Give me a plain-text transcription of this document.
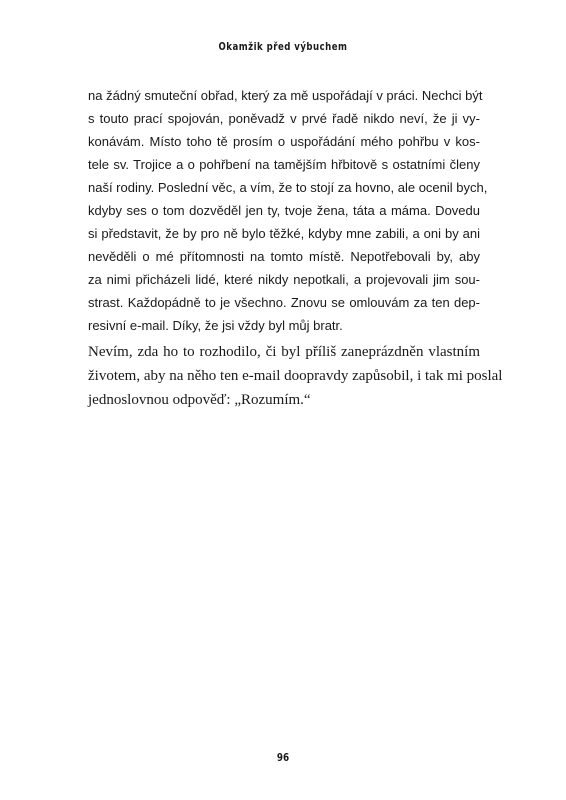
Okamžik před výbuchem
na žádný smuteční obřad, který za mě uspořádají v práci. Nechci být
s touto prací spojován, poněvadž v prvé řadě nikdo neví, že ji vy-
konávám. Místo toho tě prosím o uspořádání mého pohřbu v kos-
tele sv. Trojice a o pohřbení na tamějším hřbitově s ostatními členy
naší rodiny. Poslední věc, a vím, že to stojí za hovno, ale ocenil bych,
kdyby ses o tom dozvěděl jen ty, tvoje žena, táta a máma. Dovedu
si představit, že by pro ně bylo těžké, kdyby mne zabili, a oni by ani
nevěděli o mé přítomnosti na tomto místě. Nepotřebovali by, aby
za nimi přicházeli lidé, které nikdy nepotkali, a projevovali jim sou-
strast. Každopádně to je všechno. Znovu se omlouvám za ten dep-
resivní e-mail. Díky, že jsi vždy byl můj bratr.
Nevím, zda ho to rozhodilo, či byl příliš zaneprázdněn vlastním
životem, aby na něho ten e-mail doopravdy zapůsobil, i tak mi poslal
jednoslovnou odpověď: „Rozumím.“
96
